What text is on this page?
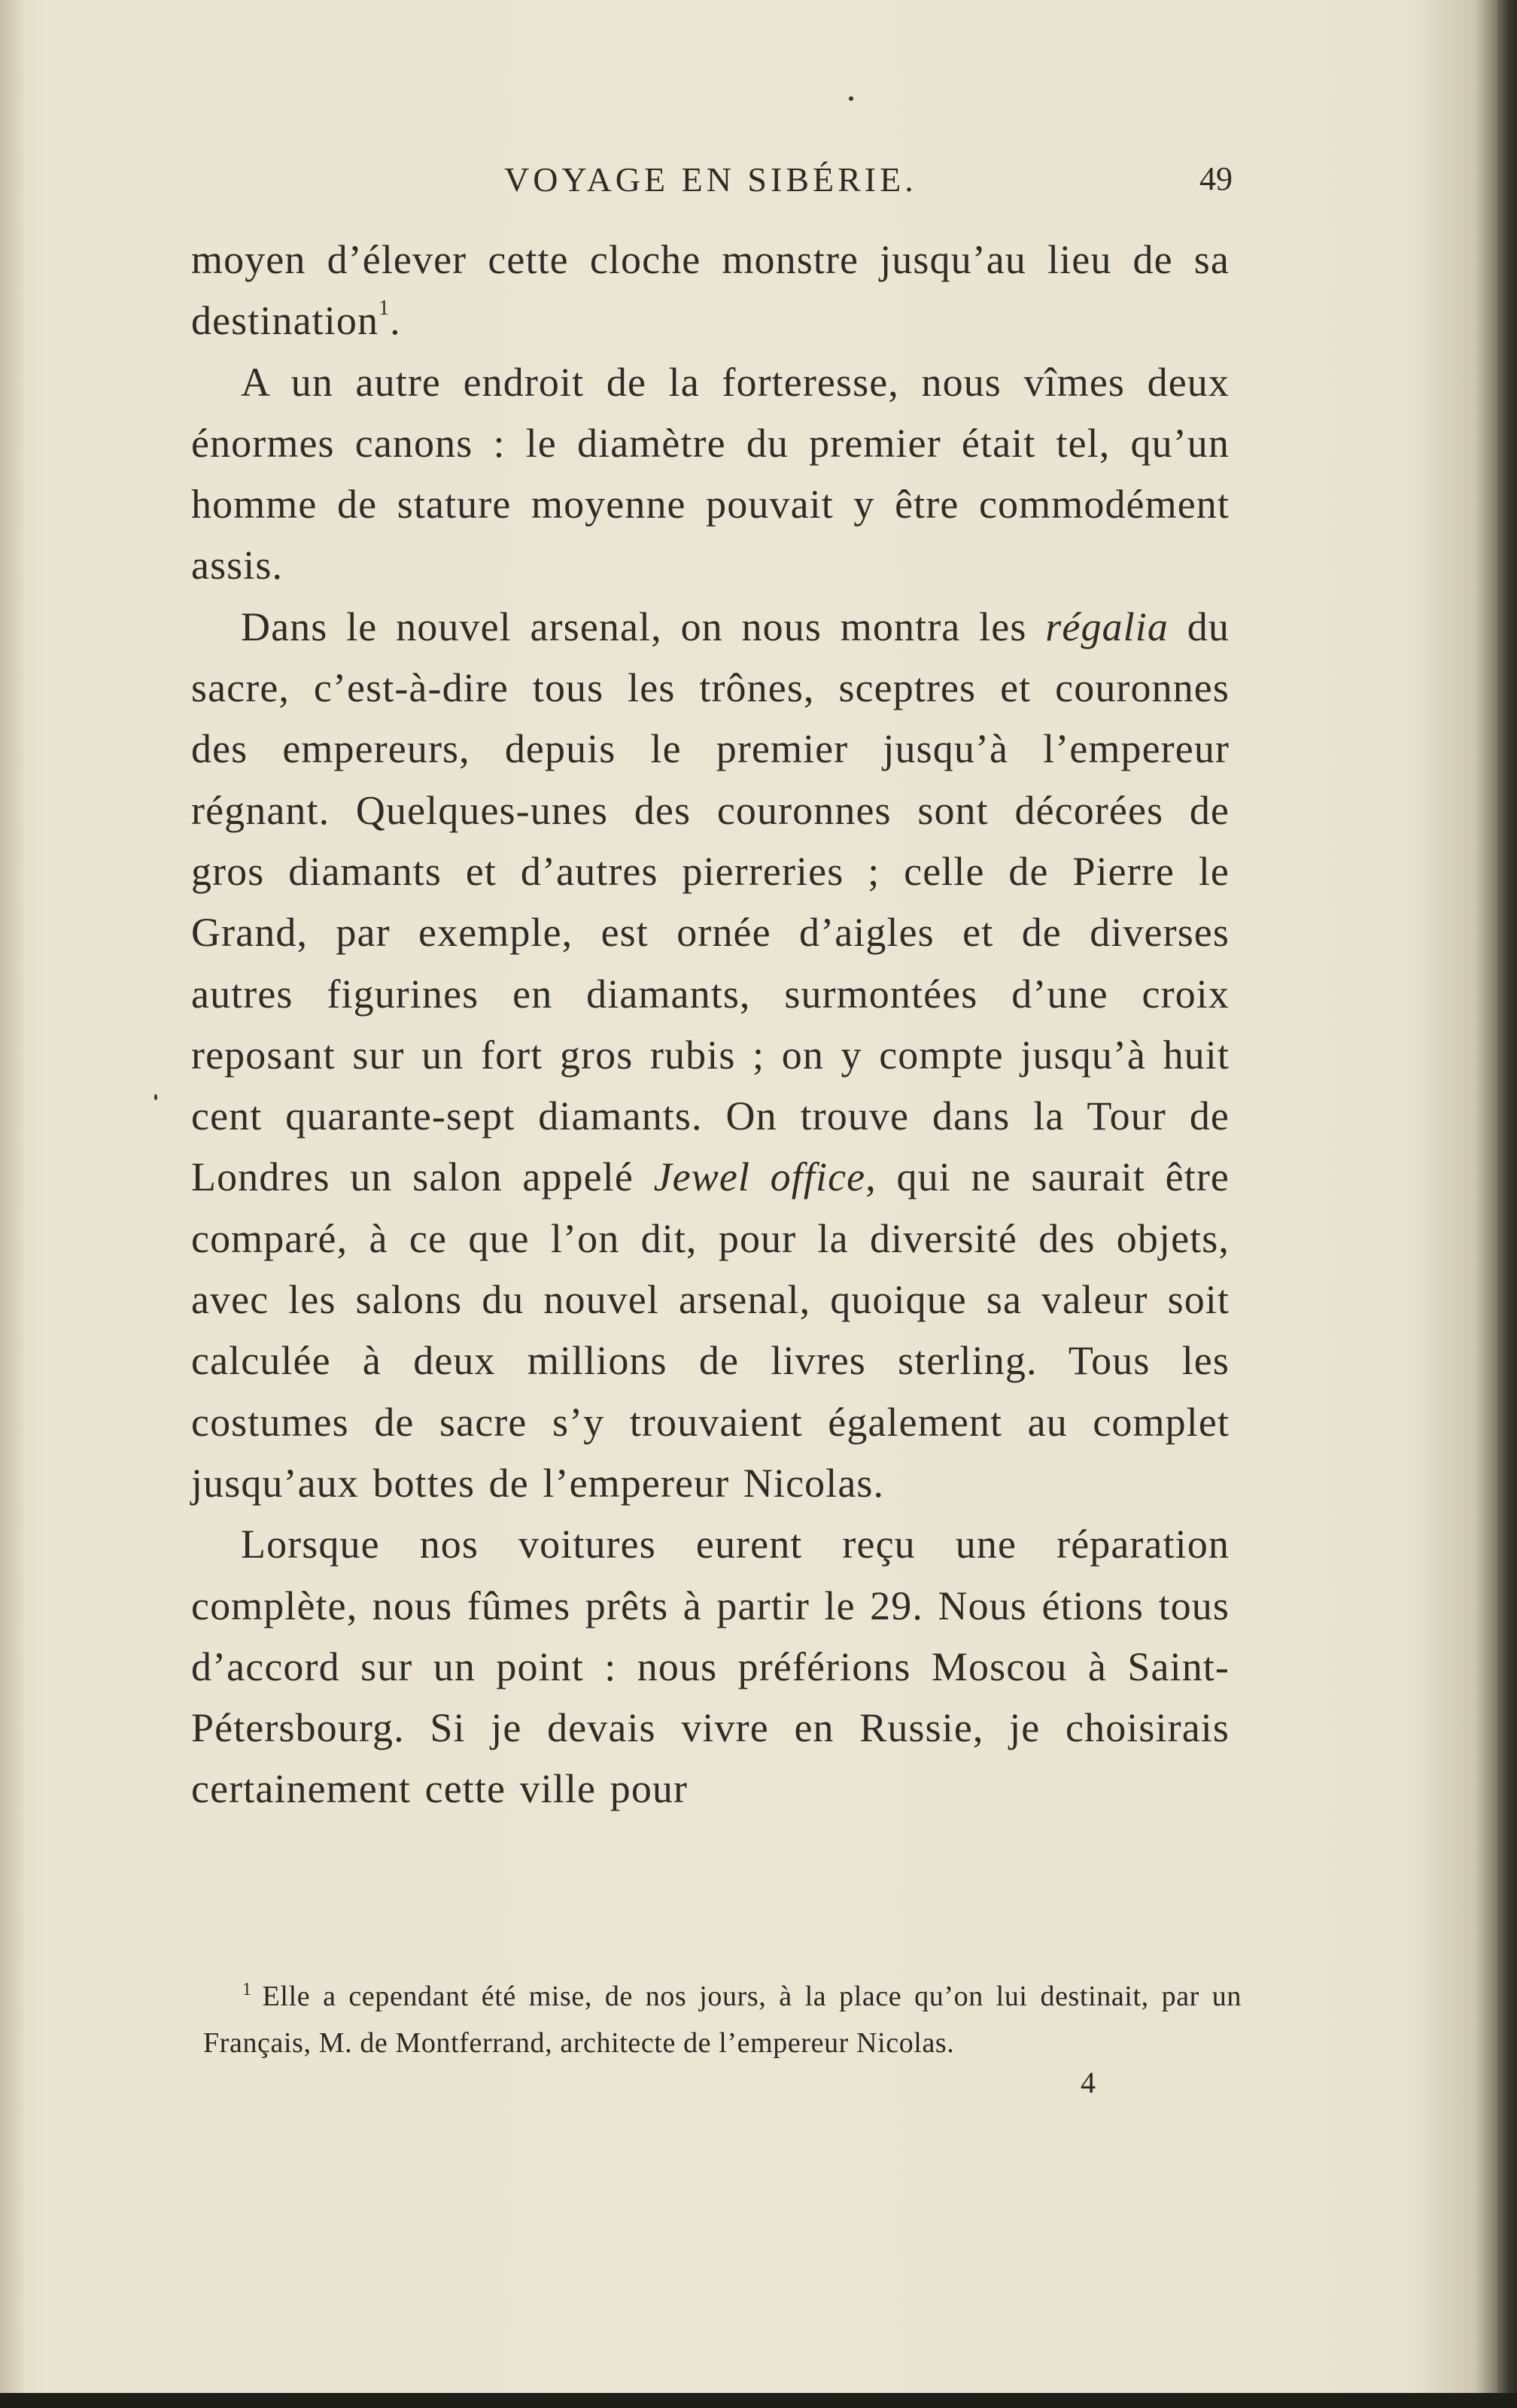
VOYAGE EN SIBÉRIE.	49

moyen d’élever cette cloche monstre jusqu’au lieu de sa destination$^1$.

A un autre endroit de la forteresse, nous vîmes deux énormes canons : le diamètre du premier était tel, qu’un homme de stature moyenne pouvait y être commodément assis.

Dans le nouvel arsenal, on nous montra les régalia du sacre, c’est-à-dire tous les trônes, sceptres et couronnes des empereurs, depuis le premier jusqu’à l’empereur régnant. Quelques-unes des couronnes sont décorées de gros diamants et d’autres pierreries ; celle de Pierre le Grand, par exemple, est ornée d’aigles et de diverses autres figurines en diamants, surmontées d’une croix reposant sur un fort gros rubis ; on y compte jusqu’à huit cent quarante-sept diamants. On trouve dans la Tour de Londres un salon appelé Jewel office, qui ne saurait être comparé, à ce que l’on dit, pour la diversité des objets, avec les salons du nouvel arsenal, quoique sa valeur soit calculée à deux millions de livres sterling. Tous les costumes de sacre s’y trouvaient également au complet jusqu’aux bottes de l’empereur Nicolas.

Lorsque nos voitures eurent reçu une réparation complète, nous fûmes prêts à partir le 29. Nous étions tous d’accord sur un point : nous préférions Moscou à Saint-Pétersbourg. Si je devais vivre en Russie, je choisirais certainement cette ville pour

$^1$ Elle a cependant été mise, de nos jours, à la place qu’on lui destinait, par un Français, M. de Montferrand, architecte de l’empereur Nicolas.

4
